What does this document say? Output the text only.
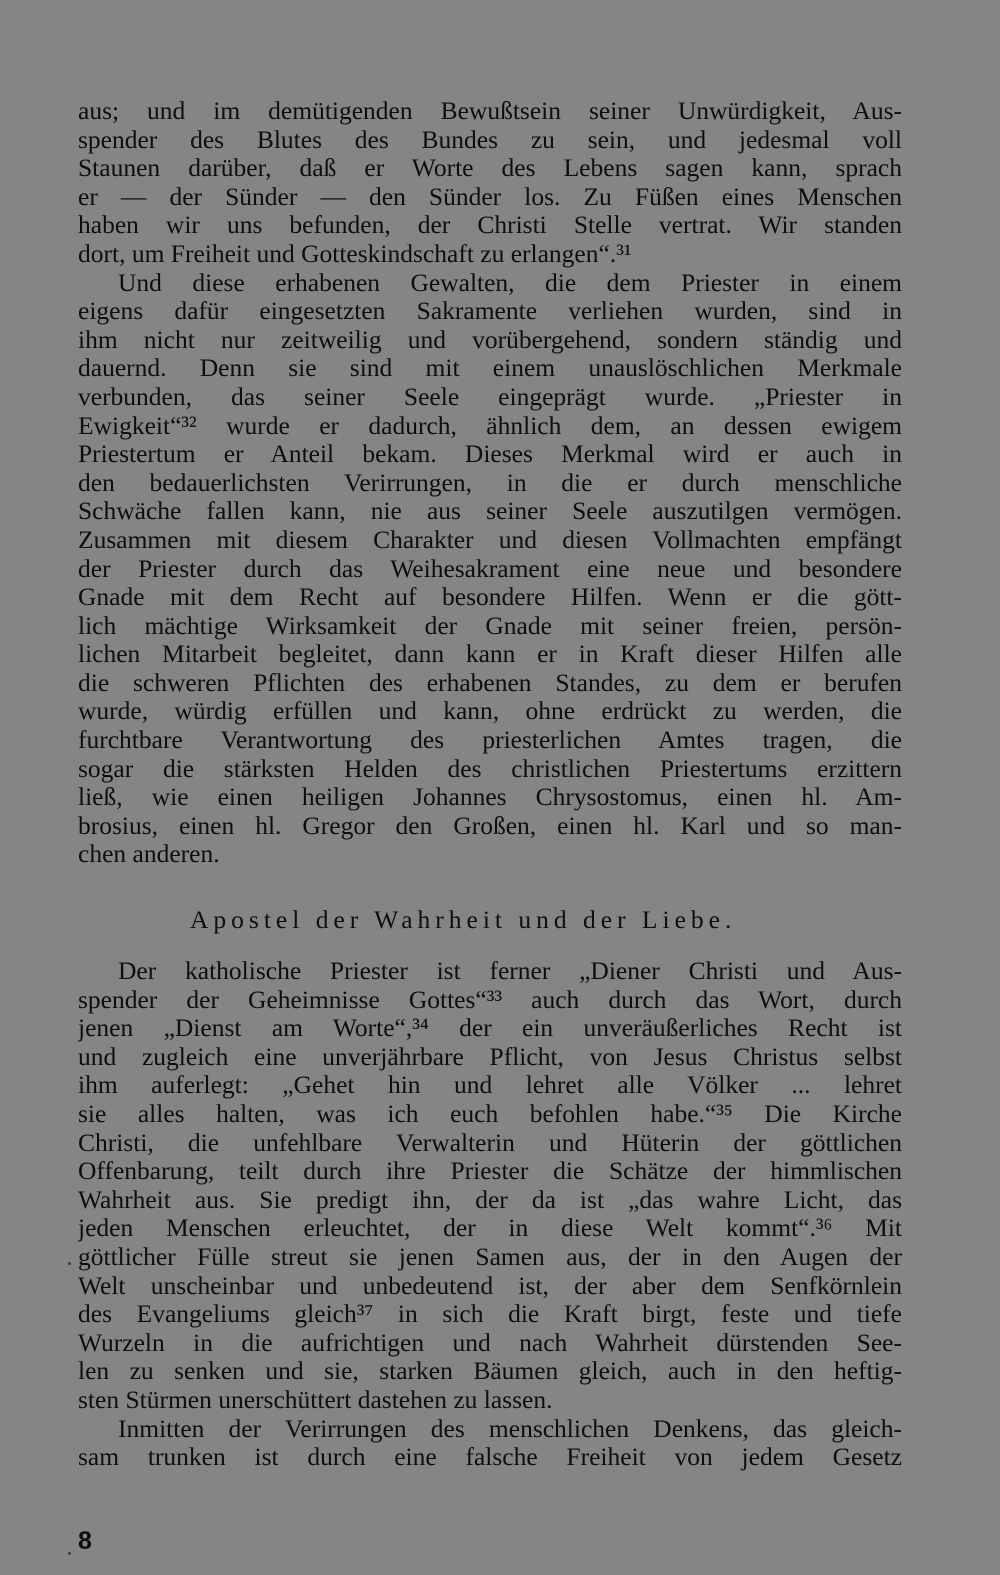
aus; und im demütigenden Bewußtsein seiner Unwürdigkeit, Aus-
spender des Blutes des Bundes zu sein, und jedesmal voll
Staunen darüber, daß er Worte des Lebens sagen kann, sprach
er — der Sünder — den Sünder los. Zu Füßen eines Menschen
haben wir uns befunden, der Christi Stelle vertrat. Wir standen
dort, um Freiheit und Gotteskindschaft zu erlangen“.³¹
Und diese erhabenen Gewalten, die dem Priester in einem
eigens dafür eingesetzten Sakramente verliehen wurden, sind in
ihm nicht nur zeitweilig und vorübergehend, sondern ständig und
dauernd. Denn sie sind mit einem unauslöschlichen Merkmale
verbunden, das seiner Seele eingeprägt wurde. „Priester in
Ewigkeit“³² wurde er dadurch, ähnlich dem, an dessen ewigem
Priestertum er Anteil bekam. Dieses Merkmal wird er auch in
den bedauerlichsten Verirrungen, in die er durch menschliche
Schwäche fallen kann, nie aus seiner Seele auszutilgen vermögen.
Zusammen mit diesem Charakter und diesen Vollmachten empfängt
der Priester durch das Weihesakrament eine neue und besondere
Gnade mit dem Recht auf besondere Hilfen. Wenn er die gött-
lich mächtige Wirksamkeit der Gnade mit seiner freien, persön-
lichen Mitarbeit begleitet, dann kann er in Kraft dieser Hilfen alle
die schweren Pflichten des erhabenen Standes, zu dem er berufen
wurde, würdig erfüllen und kann, ohne erdrückt zu werden, die
furchtbare Verantwortung des priesterlichen Amtes tragen, die
sogar die stärksten Helden des christlichen Priestertums erzittern
ließ, wie einen heiligen Johannes Chrysostomus, einen hl. Am-
brosius, einen hl. Gregor den Großen, einen hl. Karl und so man-
chen anderen.
Apostel der Wahrheit und der Liebe.
Der katholische Priester ist ferner „Diener Christi und Aus-
spender der Geheimnisse Gottes“³³ auch durch das Wort, durch
jenen „Dienst am Worte“,³⁴ der ein unveräußerliches Recht ist
und zugleich eine unverjährbare Pflicht, von Jesus Christus selbst
ihm auferlegt: „Gehet hin und lehret alle Völker ... lehret
sie alles halten, was ich euch befohlen habe.“³⁵ Die Kirche
Christi, die unfehlbare Verwalterin und Hüterin der göttlichen
Offenbarung, teilt durch ihre Priester die Schätze der himmlischen
Wahrheit aus. Sie predigt ihn, der da ist „das wahre Licht, das
jeden Menschen erleuchtet, der in diese Welt kommt“.³⁶ Mit
göttlicher Fülle streut sie jenen Samen aus, der in den Augen der
Welt unscheinbar und unbedeutend ist, der aber dem Senfkörnlein
des Evangeliums gleich³⁷ in sich die Kraft birgt, feste und tiefe
Wurzeln in die aufrichtigen und nach Wahrheit dürstenden See-
len zu senken und sie, starken Bäumen gleich, auch in den heftig-
sten Stürmen unerschüttert dastehen zu lassen.
Inmitten der Verirrungen des menschlichen Denkens, das gleich-
sam trunken ist durch eine falsche Freiheit von jedem Gesetz
8
